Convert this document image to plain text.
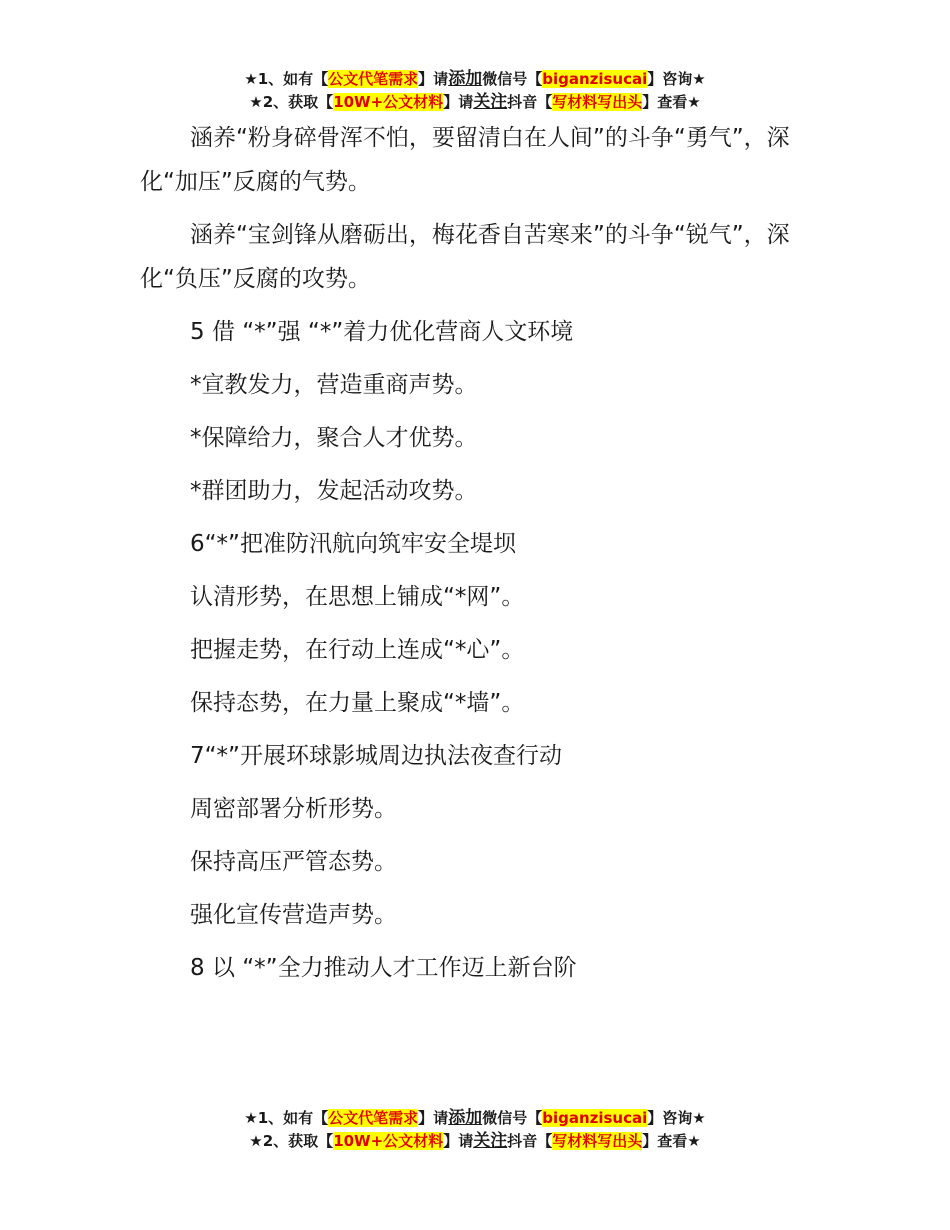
★1、如有【公文代笔需求】请添加微信号【biganzisucai】咨询★
★2、获取【10W+公文材料】请关注抖音【写材料写出头】查看★

涵养“粉身碎骨浑不怕，要留清白在人间”的斗争“勇气”，深化“加压”反腐的气势。

涵养“宝剑锋从磨砺出，梅花香自苦寒来”的斗争“锐气”，深化“负压”反腐的攻势。

5 借 “*”强 “*”着力优化营商人文环境

*宣教发力，营造重商声势。

*保障给力，聚合人才优势。

*群团助力，发起活动攻势。

6“*”把准防汛航向筑牢安全堤坝

认清形势，在思想上铺成“*网”。

把握走势，在行动上连成“*心”。

保持态势，在力量上聚成“*墙”。

7“*”开展环球影城周边执法夜查行动

周密部署分析形势。

保持高压严管态势。

强化宣传营造声势。

8 以 “*”全力推动人才工作迈上新台阶

★1、如有【公文代笔需求】请添加微信号【biganzisucai】咨询★
★2、获取【10W+公文材料】请关注抖音【写材料写出头】查看★
